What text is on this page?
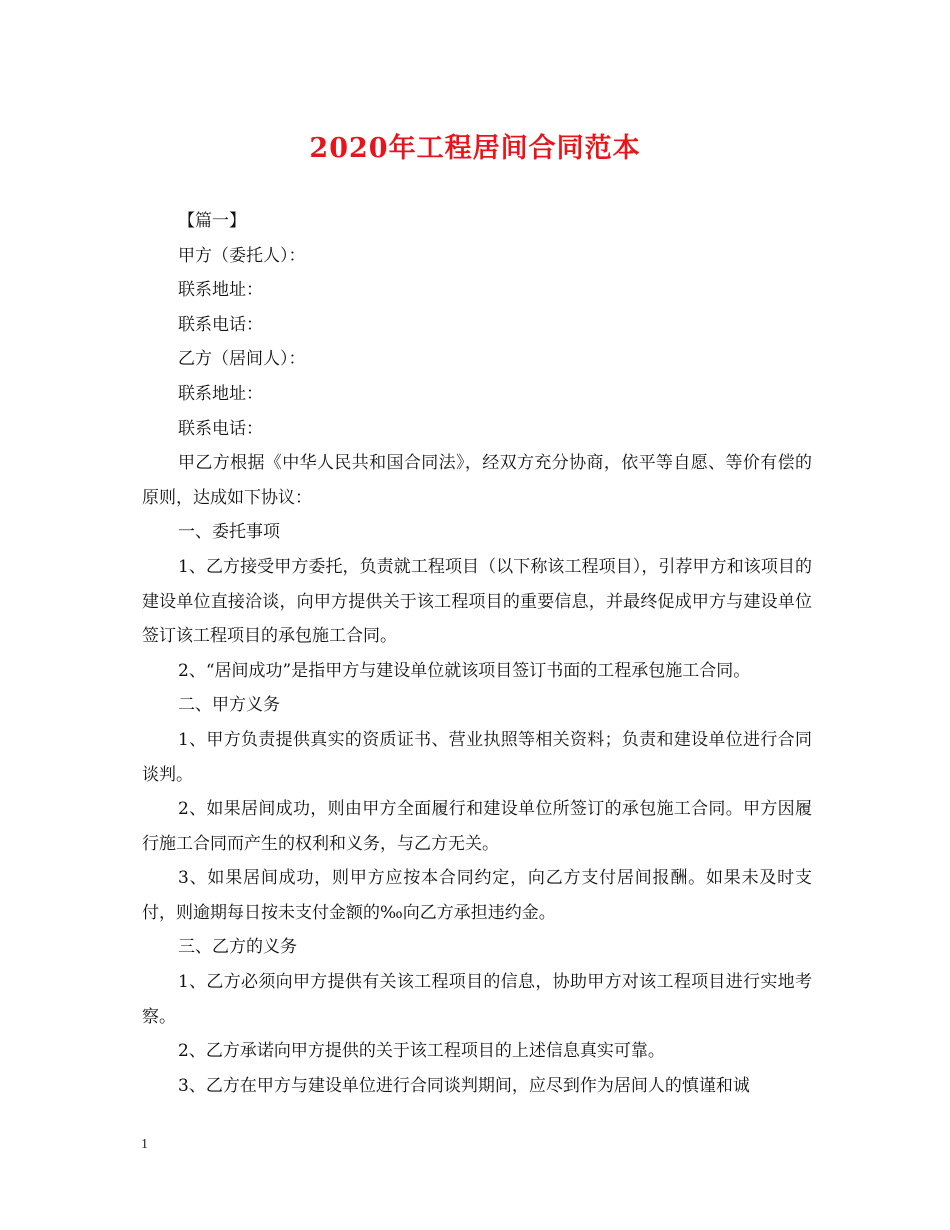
2020年工程居间合同范本

【篇一】

甲方（委托人）：

联系地址：

联系电话：

乙方（居间人）：

联系地址：

联系电话：

甲乙方根据《中华人民共和国合同法》，经双方充分协商，依平等自愿、等价有偿的原则，达成如下协议：

一、委托事项

1、乙方接受甲方委托，负责就工程项目（以下称该工程项目），引荐甲方和该项目的建设单位直接洽谈，向甲方提供关于该工程项目的重要信息，并最终促成甲方与建设单位签订该工程项目的承包施工合同。

2、“居间成功”是指甲方与建设单位就该项目签订书面的工程承包施工合同。

二、甲方义务

1、甲方负责提供真实的资质证书、营业执照等相关资料；负责和建设单位进行合同谈判。

2、如果居间成功，则由甲方全面履行和建设单位所签订的承包施工合同。甲方因履行施工合同而产生的权利和义务，与乙方无关。

3、如果居间成功，则甲方应按本合同约定，向乙方支付居间报酬。如果未及时支付，则逾期每日按未支付金额的‰向乙方承担违约金。

三、乙方的义务

1、乙方必须向甲方提供有关该工程项目的信息，协助甲方对该工程项目进行实地考察。

2、乙方承诺向甲方提供的关于该工程项目的上述信息真实可靠。

3、乙方在甲方与建设单位进行合同谈判期间，应尽到作为居间人的慎谨和诚

1
